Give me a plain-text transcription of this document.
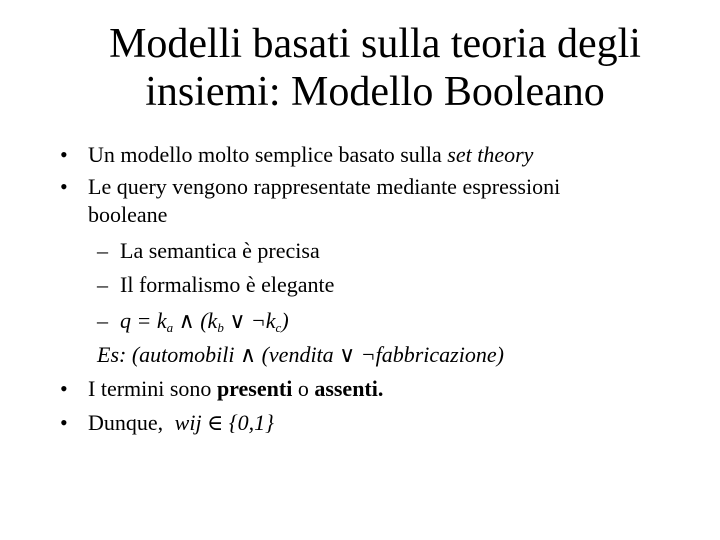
Modelli basati sulla teoria degli
insiemi: Modello Booleano
• Un modello molto semplice basato sulla set theory
• Le query vengono rappresentate mediante espressioni
booleane
– La semantica è precisa
– Il formalismo è elegante
– $q = k_a$ ∧ ($k_b$ ∨ $\neg k_c$)
Es: (automobili ∧ (vendita ∨ ¬fabbricazione)
• I termini sono presenti o assenti.
• Dunque, wij ∈ {0,1}
